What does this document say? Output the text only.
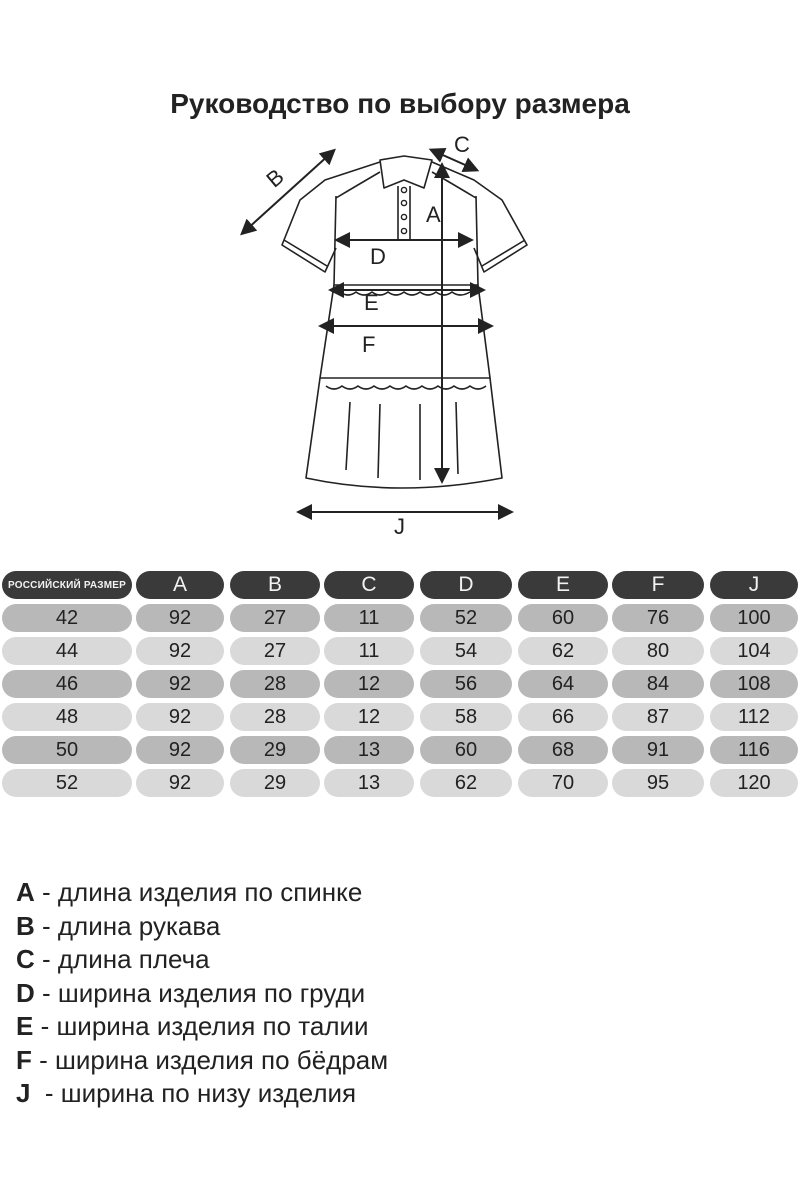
Руководство по выбору размера
B
C
A
D
E
F
J
РОССИЙСКИЙ РАЗМЕР	A	B	C	D	E	F	J
42	92	27	11	52	60	76	100
44	92	27	11	54	62	80	104
46	92	28	12	56	64	84	108
48	92	28	12	58	66	87	112
50	92	29	13	60	68	91	116
52	92	29	13	62	70	95	120
A - длина изделия по спинке
B - длина рукава
C - длина плеча
D - ширина изделия по груди
E - ширина изделия по талии
F - ширина изделия по бёдрам
J  - ширина по низу изделия
